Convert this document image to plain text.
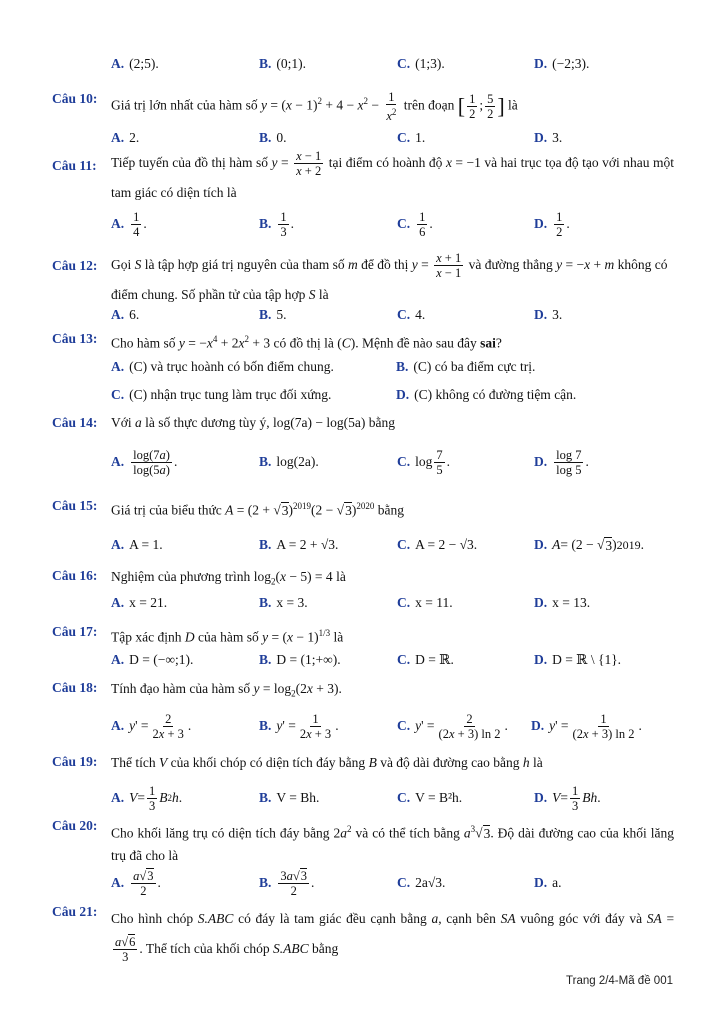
A. (2;5).	B. (0;1).	C. (1;3).	D. (−2;3).
Câu 10: Giá trị lớn nhất của hàm số $y = (x - 1)^2 + 4 - x^2 - \frac{1}{x^2}$ trên đoạn [ $\frac{1}{2}$ ; $\frac{5}{2}$ ] là
A. 2.	B. 0.	C. 1.	D. 3.
Câu 11: Tiếp tuyến của đồ thị hàm số $y = \frac{x - 1}{x + 2}$ tại điểm có hoành độ x = −1 và hai trục tọa độ tạo với nhau một tam giác có diện tích là
A. $\frac{1}{4}$ .	B. $\frac{1}{3}$ .	C. $\frac{1}{6}$ .	D. $\frac{1}{2}$ .
Câu 12: Gọi S là tập hợp giá trị nguyên của tham số m để đồ thị $y = \frac{x + 1}{x - 1}$ và đường thẳng y = −x + m không có điểm chung. Số phần tử của tập hợp S là
A. 6.	B. 5.	C. 4.	D. 3.
Câu 13: Cho hàm số $y = -x^4 + 2x^2 + 3$ có đồ thị là (C). Mệnh đề nào sau đây sai?
A. (C) và trục hoành có bốn điểm chung.	B. (C) có ba điểm cực trị.
C. (C) nhận trục tung làm trục đối xứng.	D. (C) không có đường tiệm cận.
Câu 14: Với a là số thực dương tùy ý, log(7a) − log(5a) bằng
A. $\frac{\log(7a)}{\log(5a)}$ .	B. log(2a).	C. $\log \frac{7}{5}$ .	D. $\frac{\log 7}{\log 5}$ .
Câu 15: Giá trị của biểu thức $A = (2 + √3)^{2019}(2 - √3)^{2020}$ bằng
A. A = 1.	B. A = 2 + √3.	C. A = 2 − √3.	D. A = (2 − √ 3 ) 2019 .
Câu 16: Nghiệm của phương trình $\log_2(x - 5) = 4$ là
A. x = 21.	B. x = 3.	C. x = 11.	D. x = 13.
Câu 17: Tập xác định D của hàm số $y = (x - 1)^{1/3}$ là
A. D = (−∞;1).	B. D = (1;+∞).	C. D = ℝ.	D. D = ℝ \ {1}.
Câu 18: Tính đạo hàm của hàm số $y = \log_2(2x + 3)$.
A. y ' = $\frac{2}{2x + 3}$ .	B. y ' = $\frac{1}{2x + 3}$ .	C. y ' = $\frac{2}{(2x + 3) \ln 2}$ . D. y ' = $\frac{1}{(2x + 3) \ln 2}$ .
Câu 19: Thể tích V của khối chóp có diện tích đáy bằng B và độ dài đường cao bằng h là
A. $V = \frac{1}{3}$ B 2 h .	B. V = Bh.	C. V = B²h.	D. $V = \frac{1}{3}$ Bh .
Câu 20: Cho khối lăng trụ có diện tích đáy bằng $2a^2$ và có thể tích bằng $a^3√3$. Độ dài đường cao của khối lăng trụ đã cho là
A. $\frac{a√3}{2}$ .	B. $\frac{3a√3}{2}$ .	C. 2a√3.	D. a.
Câu 21: Cho hình chóp S.ABC có đáy là tam giác đều cạnh bằng a, cạnh bên SA vuông góc với đáy và SA =
$\frac{a√6}{3}$ . Thể tích của khối chóp S.ABC bằng
Trang 2/4-Mã đề 001
